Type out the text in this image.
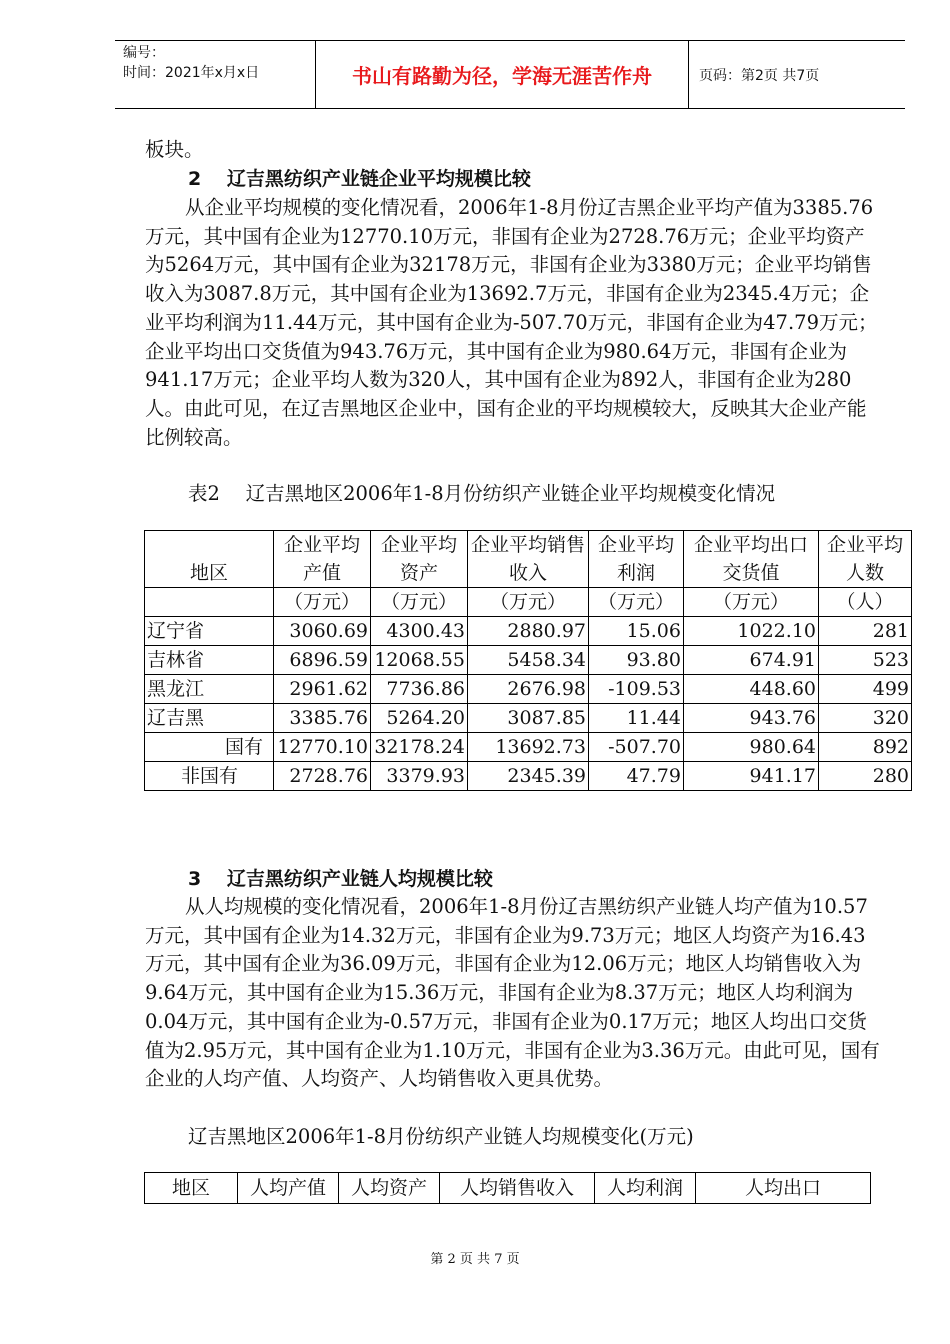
编号：
时间：2021年x月x日	书山有路勤为径，学海无涯苦作舟	页码：第2页 共7页

板块。

2　 辽吉黑纺织产业链企业平均规模比较

从企业平均规模的变化情况看，2006年1-8月份辽吉黑企业平均产值为3385.76万元，其中国有企业为12770.10万元，非国有企业为2728.76万元；企业平均资产为5264万元，其中国有企业为32178万元，非国有企业为3380万元；企业平均销售收入为3087.8万元，其中国有企业为13692.7万元，非国有企业为2345.4万元；企业平均利润为11.44万元，其中国有企业为-507.70万元，非国有企业为47.79万元；企业平均出口交货值为943.76万元，其中国有企业为980.64万元，非国有企业为941.17万元；企业平均人数为320人，其中国有企业为892人，非国有企业为280人。由此可见，在辽吉黑地区企业中，国有企业的平均规模较大，反映其大企业产能比例较高。

表2　 辽吉黑地区2006年1-8月份纺织产业链企业平均规模变化情况

地区	企业平均产值	企业平均资产	企业平均销售收入	企业平均利润	企业平均出口交货值	企业平均人数

	（万元）	（万元）	（万元）	（万元）	（万元）	（人）
辽宁省	3060.69	4300.43	2880.97	15.06	1022.10	281
吉林省	6896.59	12068.55	5458.34	93.80	674.91	523
黑龙江	2961.62	7736.86	2676.98	-109.53	448.60	499
辽吉黑	3385.76	5264.20	3087.85	11.44	943.76	320
国有	12770.10	32178.24	13692.73	-507.70	980.64	892
非国有	2728.76	3379.93	2345.39	47.79	941.17	280

3　 辽吉黑纺织产业链人均规模比较

从人均规模的变化情况看，2006年1-8月份辽吉黑纺织产业链人均产值为10.57万元，其中国有企业为14.32万元，非国有企业为9.73万元；地区人均资产为16.43万元，其中国有企业为36.09万元，非国有企业为12.06万元；地区人均销售收入为9.64万元，其中国有企业为15.36万元，非国有企业为8.37万元；地区人均利润为0.04万元，其中国有企业为-0.57万元，非国有企业为0.17万元；地区人均出口交货值为2.95万元，其中国有企业为1.10万元，非国有企业为3.36万元。由此可见，国有企业的人均产值、人均资产、人均销售收入更具优势。

辽吉黑地区2006年1-8月份纺织产业链人均规模变化(万元)

地区	人均产值	人均资产	人均销售收入	人均利润	人均出口
第 2 页 共 7 页
